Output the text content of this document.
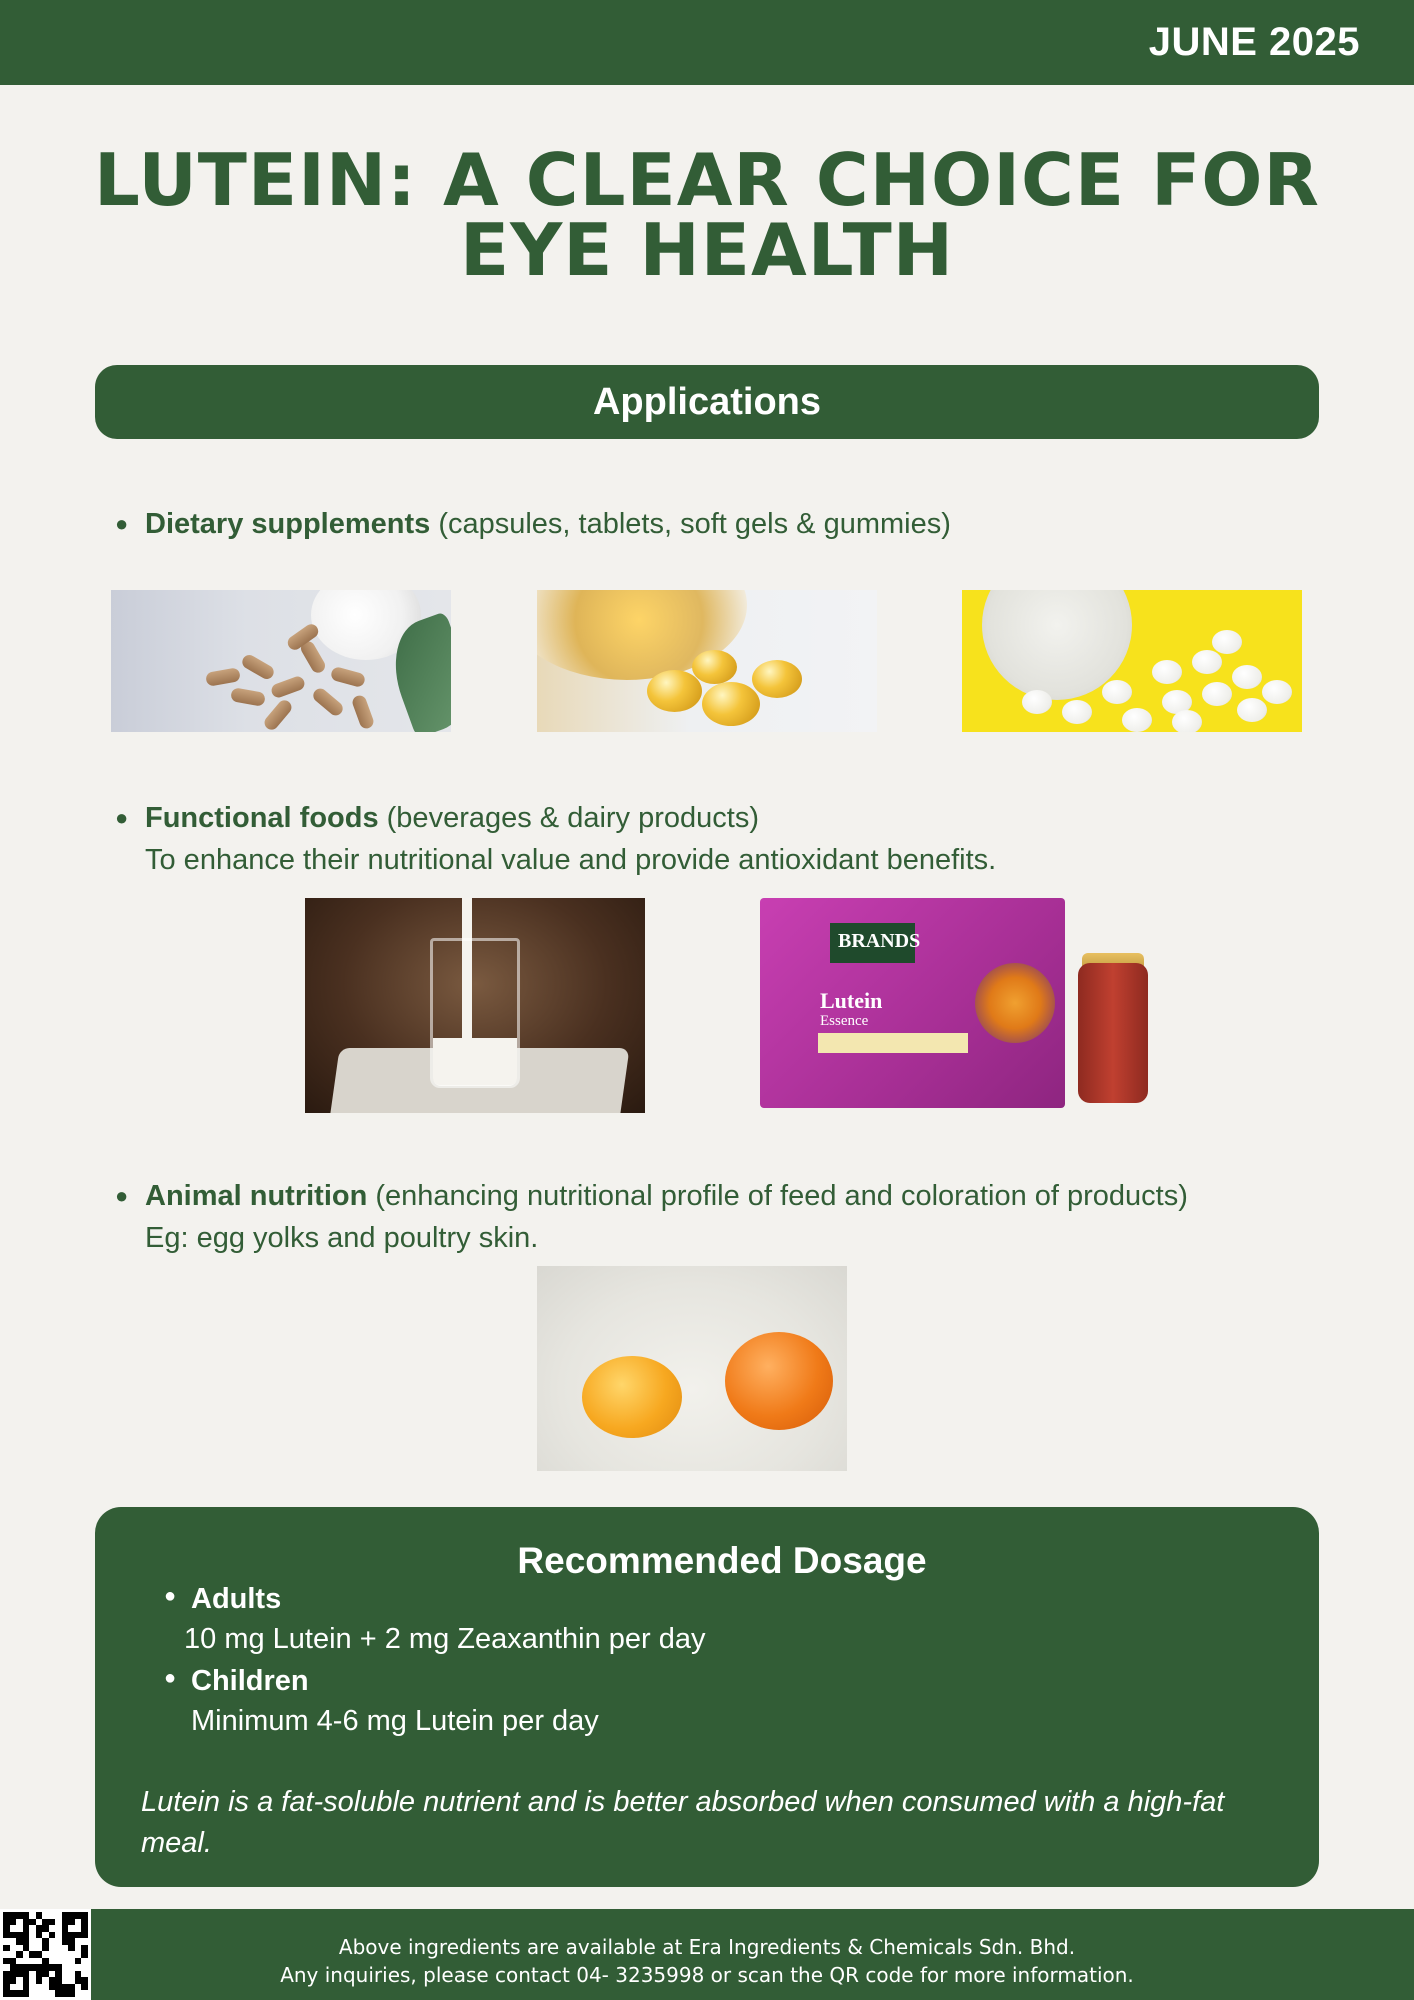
JUNE 2025
LUTEIN: A CLEAR CHOICE FOR
EYE HEALTH
Applications
● Dietary supplements (capsules, tablets, soft gels & gummies)
● Functional foods (beverages & dairy products)
To enhance their nutritional value and provide antioxidant benefits.
BRANDS
Lutein
Essence
● Animal nutrition (enhancing nutritional profile of feed and coloration of products)
Eg: egg yolks and poultry skin.
Recommended Dosage
● Adults
10 mg Lutein + 2 mg Zeaxanthin per day
● Children
Minimum 4-6 mg Lutein per day
Lutein is a fat-soluble nutrient and is better absorbed when consumed with a high-fat meal.
Above ingredients are available at Era Ingredients & Chemicals Sdn. Bhd.
Any inquiries, please contact 04- 3235998 or scan the QR code for more information.
